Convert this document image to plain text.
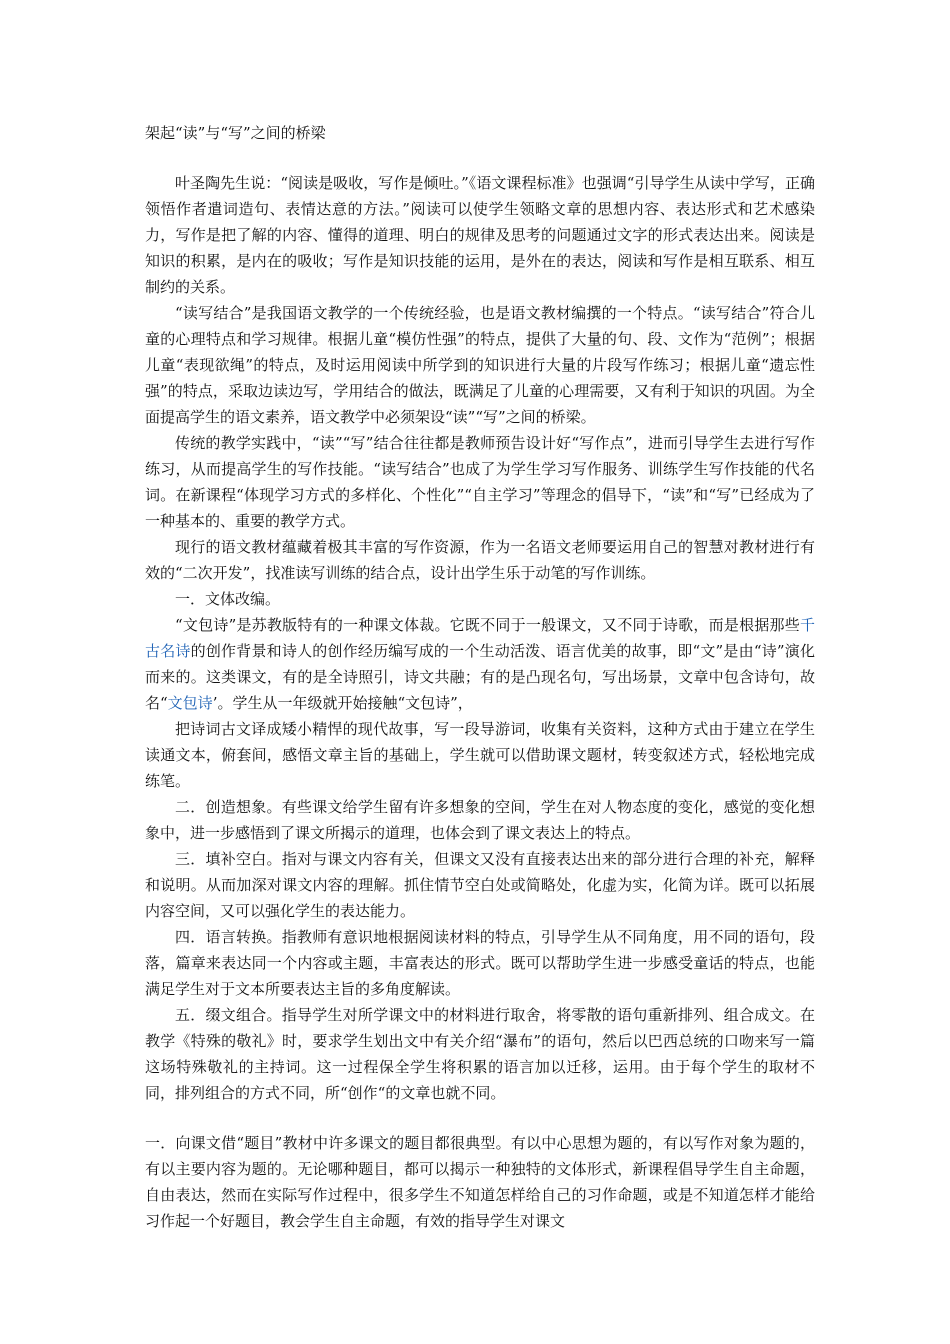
架起“读”与“写”之间的桥梁

叶圣陶先生说：“阅读是吸收，写作是倾吐。”《语文课程标准》也强调“引导学生从读中学写，正确领悟作者遣词造句、表情达意的方法。”阅读可以使学生领略文章的思想内容、表达形式和艺术感染力，写作是把了解的内容、懂得的道理、明白的规律及思考的问题通过文字的形式表达出来。阅读是知识的积累，是内在的吸收；写作是知识技能的运用，是外在的表达，阅读和写作是相互联系、相互制约的关系。

“读写结合”是我国语文教学的一个传统经验，也是语文教材编撰的一个特点。“读写结合”符合儿童的心理特点和学习规律。根据儿童“模仿性强”的特点，提供了大量的句、段、文作为“范例”；根据儿童“表现欲绳”的特点，及时运用阅读中所学到的知识进行大量的片段写作练习；根据儿童“遗忘性强”的特点，采取边读边写，学用结合的做法，既满足了儿童的心理需要，又有利于知识的巩固。为全面提高学生的语文素养，语文教学中必须架设“读”“写”之间的桥梁。

传统的教学实践中，“读”“写”结合往往都是教师预告设计好“写作点”，进而引导学生去进行写作练习，从而提高学生的写作技能。“读写结合”也成了为学生学习写作服务、训练学生写作技能的代名词。在新课程“体现学习方式的多样化、个性化”“自主学习”等理念的倡导下，“读”和“写”已经成为了一种基本的、重要的教学方式。

现行的语文教材蕴藏着极其丰富的写作资源，作为一名语文老师要运用自己的智慧对教材进行有效的“二次开发”，找准读写训练的结合点，设计出学生乐于动笔的写作训练。

一．文体改编。

“文包诗”是苏教版特有的一种课文体裁。它既不同于一般课文，又不同于诗歌，而是根据那些千古名诗的创作背景和诗人的创作经历编写成的一个生动活泼、语言优美的故事，即“文”是由“诗”演化而来的。这类课文，有的是全诗照引，诗文共融；有的是凸现名句，写出场景，文章中包含诗句，故名“文包诗’。学生从一年级就开始接触“文包诗”，

把诗词古文译成矮小精悍的现代故事，写一段导游词，收集有关资料，这种方式由于建立在学生读通文本，俯套间，感悟文章主旨的基础上，学生就可以借助课文题材，转变叙述方式，轻松地完成练笔。

二．创造想象。有些课文给学生留有许多想象的空间，学生在对人物态度的变化，感觉的变化想象中，进一步感悟到了课文所揭示的道理，也体会到了课文表达上的特点。

三．填补空白。指对与课文内容有关，但课文又没有直接表达出来的部分进行合理的补充，解释和说明。从而加深对课文内容的理解。抓住情节空白处或简略处，化虚为实，化简为详。既可以拓展内容空间，又可以强化学生的表达能力。

四．语言转换。指教师有意识地根据阅读材料的特点，引导学生从不同角度，用不同的语句，段落，篇章来表达同一个内容或主题，丰富表达的形式。既可以帮助学生进一步感受童话的特点，也能满足学生对于文本所要表达主旨的多角度解读。

五．缀文组合。指导学生对所学课文中的材料进行取舍，将零散的语句重新排列、组合成文。在教学《特殊的敬礼》时，要求学生划出文中有关介绍“瀑布”的语句，然后以巴西总统的口吻来写一篇这场特殊敬礼的主持词。这一过程保全学生将积累的语言加以迁移，运用。由于每个学生的取材不同，排列组合的方式不同，所“创作“的文章也就不同。

一．向课文借“题目”教材中许多课文的题目都很典型。有以中心思想为题的，有以写作对象为题的，有以主要内容为题的。无论哪种题目，都可以揭示一种独特的文体形式，新课程倡导学生自主命题，自由表达，然而在实际写作过程中，很多学生不知道怎样给自己的习作命题，或是不知道怎样才能给习作起一个好题目，教会学生自主命题，有效的指导学生对课文
